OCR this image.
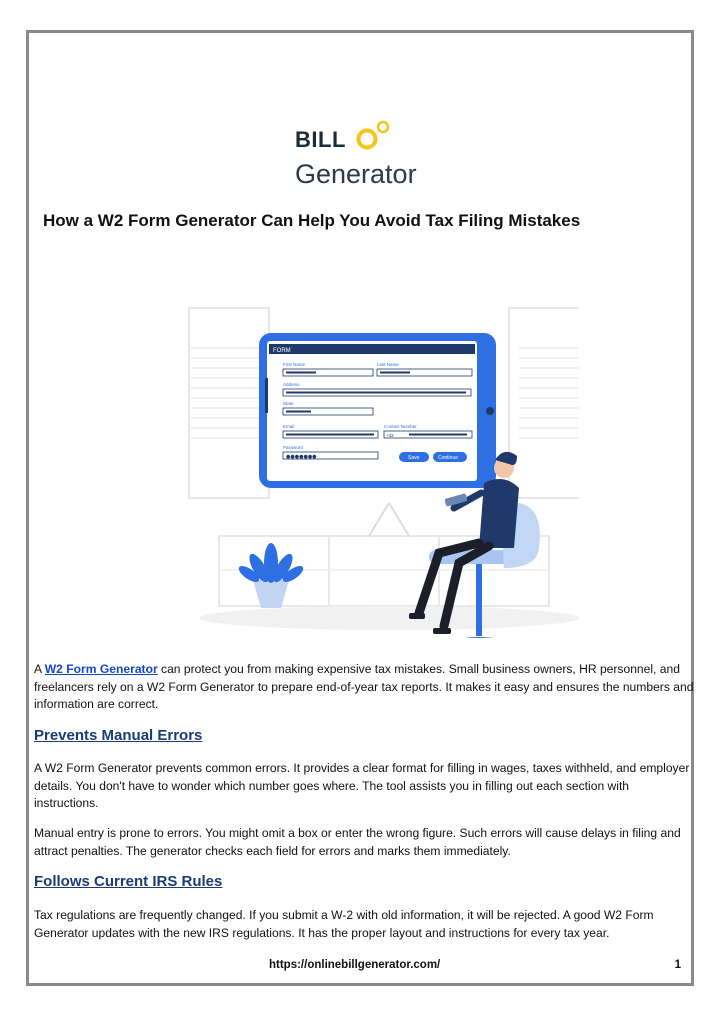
BILL
Generator
How a W2 Form Generator Can Help You Avoid Tax Filing Mistakes
FORM
First Name	Last Name
Address
State
Email	Contact Number
Password
+32
●●●●●●●	Save	Continue

A W2 Form Generator can protect you from making expensive tax mistakes. Small business owners, HR personnel, and freelancers rely on a W2 Form Generator to prepare end-of-year tax reports. It makes it easy and ensures the numbers and information are correct.

Prevents Manual Errors

A W2 Form Generator prevents common errors. It provides a clear format for filling in wages, taxes withheld, and employer details. You don't have to wonder which number goes where. The tool assists you in filling out each section with instructions.

Manual entry is prone to errors. You might omit a box or enter the wrong figure. Such errors will cause delays in filing and attract penalties. The generator checks each field for errors and marks them immediately.

Follows Current IRS Rules

Tax regulations are frequently changed. If you submit a W-2 with old information, it will be rejected. A good W2 Form Generator updates with the new IRS regulations. It has the proper layout and instructions for every tax year.

https://onlinebillgenerator.com/	1
